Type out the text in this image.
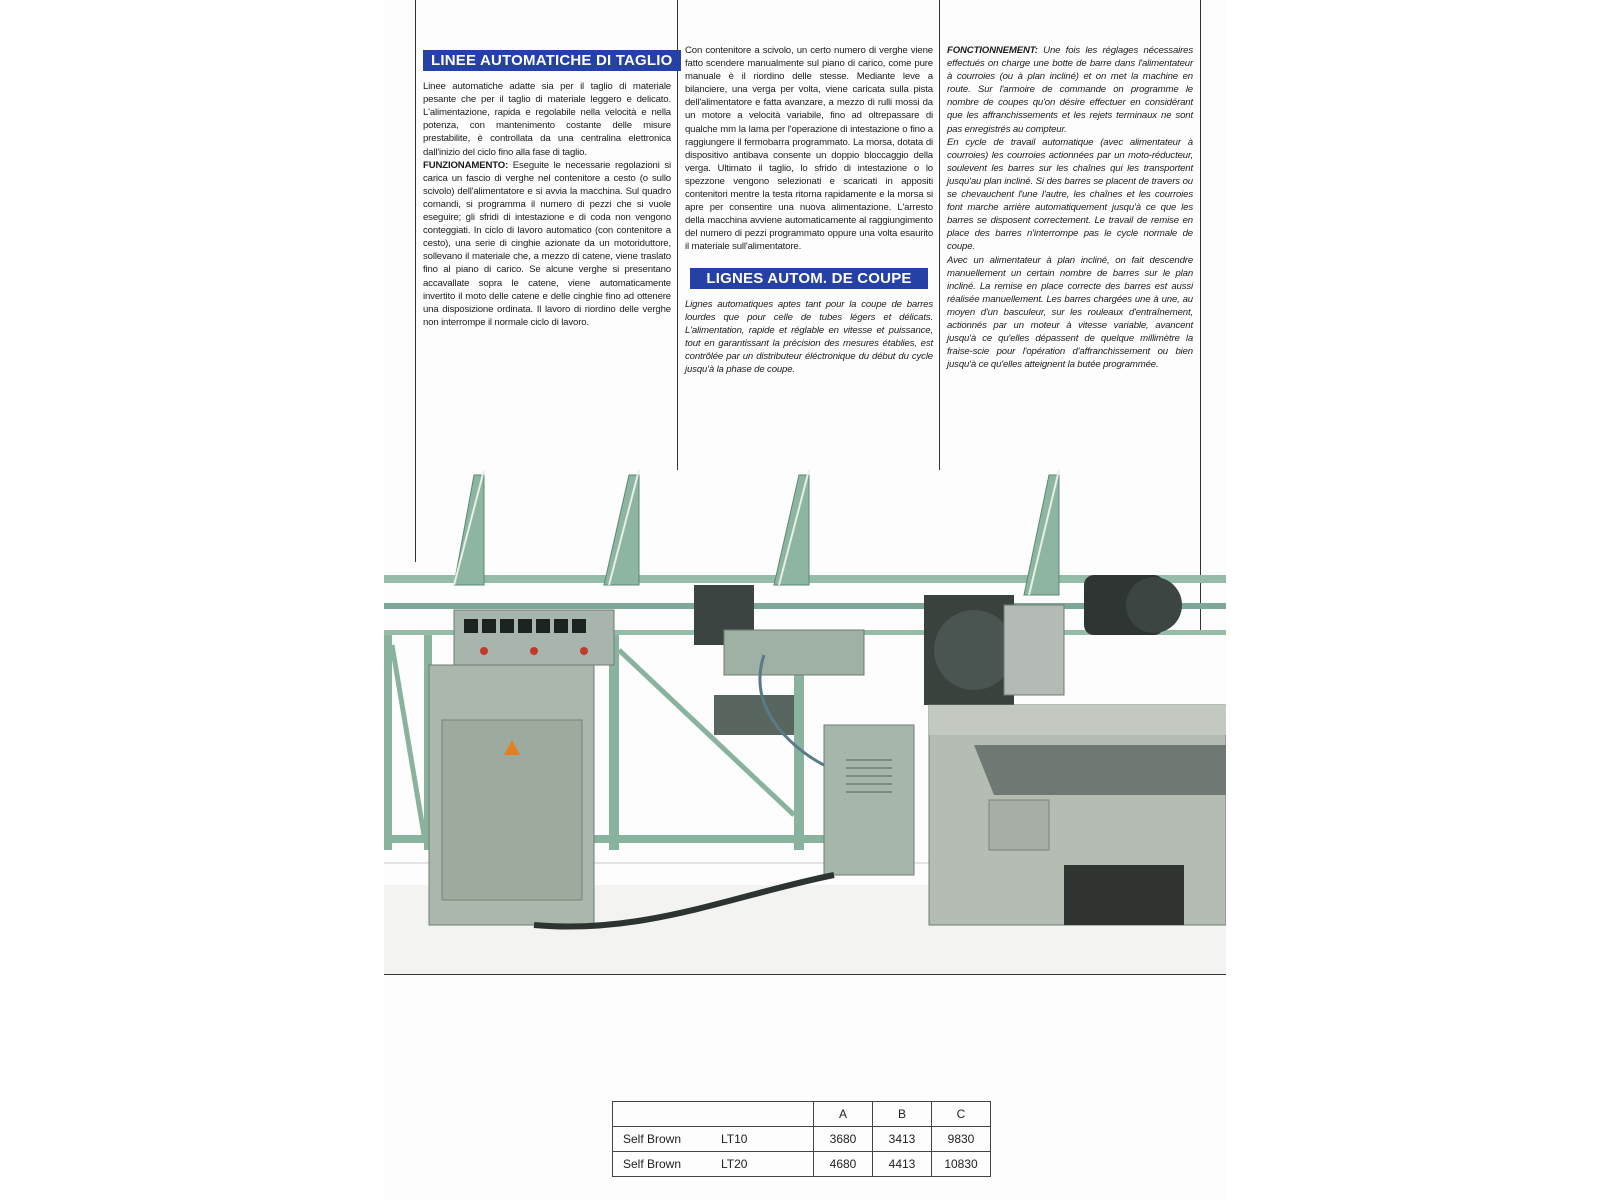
LINEE AUTOMATICHE DI TAGLIO

Linee automatiche adatte sia per il taglio di materiale pesante che per il taglio di materiale leggero e delicato. L'alimentazione, rapida e regolabile nella velocità e nella potenza, con mantenimento costante delle misure prestabilite, è controllata da una centralina elettronica dall'inizio del ciclo fino alla fase di taglio.

FUNZIONAMENTO: Eseguite le necessarie regolazioni si carica un fascio di verghe nel contenitore a cesto (o sullo scivolo) dell'alimentatore e si avvia la macchina. Sul quadro comandi, si programma il numero di pezzi che si vuole eseguire; gli sfridi di intestazione e di coda non vengono conteggiati. In ciclo di lavoro automatico (con contenitore a cesto), una serie di cinghie azionate da un motoriduttore, sollevano il materiale che, a mezzo di catene, viene traslato fino al piano di carico. Se alcune verghe si presentano accavallate sopra le catene, viene automaticamente invertito il moto delle catene e delle cinghie fino ad ottenere una disposizione ordinata. Il lavoro di riordino delle verghe non interrompe il normale ciclo di lavoro.

Con contenitore a scivolo, un certo numero di verghe viene fatto scendere manualmente sul piano di carico, come pure manuale è il riordino delle stesse. Mediante leve a bilanciere, una verga per volta, viene caricata sulla pista dell'alimentatore e fatta avanzare, a mezzo di rulli mossi da un motore a velocità variabile, fino ad oltrepassare di qualche mm la lama per l'operazione di intestazione o fino a raggiungere il fermobarra programmato. La morsa, dotata di dispositivo antibava consente un doppio bloccaggio della verga. Ultimato il taglio, lo sfrido di intestazione o lo spezzone vengono selezionati e scaricati in appositi contenitori mentre la testa ritorna rapidamente e la morsa si apre per consentire una nuova alimentazione. L'arresto della macchina avviene automaticamente al raggiungimento del numero di pezzi programmato oppure una volta esaurito il materiale sull'alimentatore.

LIGNES AUTOM. DE COUPE

Lignes automatiques aptes tant pour la coupe de barres lourdes que pour celle de tubes légers et délicats. L'alimentation, rapide et réglable en vitesse et puissance, tout en garantissant la précision des mesures établies, est contrôlée par un distributeur éléctronique du début du cycle jusqu'à la phase de coupe.

FONCTIONNEMENT: Une fois les réglages nécessaires effectués on charge une botte de barre dans l'alimentateur à courroies (ou à plan incliné) et on met la machine en route. Sur l'armoire de commande on programme le nombre de coupes qu'on désire effectuer en considérant que les affranchissements et les rejets terminaux ne sont pas enregistrés au compteur.

En cycle de travail automatique (avec alimentateur à courroies) les courroies actionnées par un moto-réducteur, soulevent les barres sur les chaînes qui les transportent jusqu'au plan incliné. Si des barres se placent de travers ou se chevauchent l'une l'autre, les chaînes et les courroies font marche arrière automatiquement jusqu'à ce que les barres se disposent correctement. Le travail de remise en place des barres n'interrompe pas le cycle normale de coupe.

Avec un alimentateur à plan incliné, on fait descendre manuellement un certain nombre de barres sur le plan incliné. La remise en place correcte des barres est aussi réalisée manuellement. Les barres chargées une à une, au moyen d'un basculeur, sur les rouleaux d'entraînement, actionnés par un moteur à vitesse variable, avancent jusqu'à ce qu'elles dépassent de quelque millimètre la fraise-scie pour l'opération d'affranchissement ou bien jusqu'à ce qu'elles atteignent la butée programmée.

		A	B	C
Self Brown	LT10	3680	3413	9830
Self Brown	LT20	4680	4413	10830
